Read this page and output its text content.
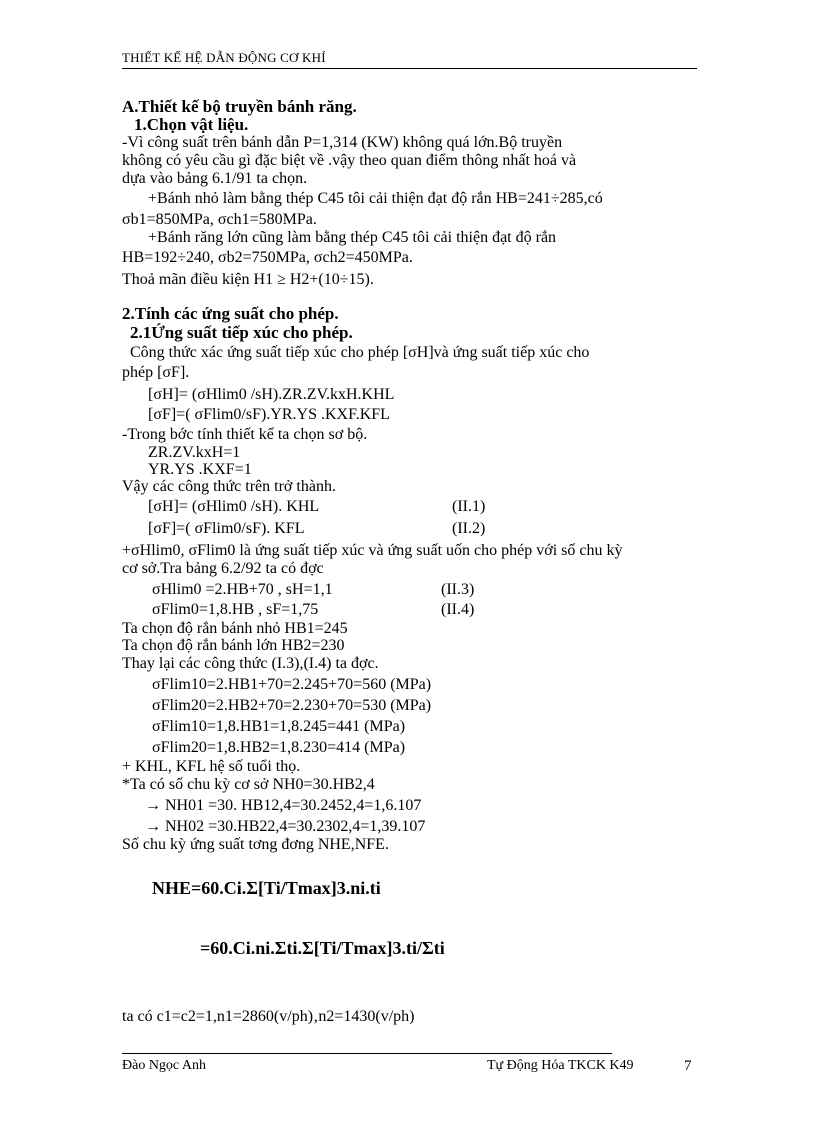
THIẾT KẾ HỆ DẪN ĐỘNG CƠ KHÍ
A.Thiết kế bộ truyền bánh răng.
1.Chọn vật liệu.
-Vì công suất trên bánh dẫn P=1,314 (KW) không quá lớn.Bộ truyền
không có yêu cầu gì đặc biệt về .vậy theo quan điểm thông nhất hoá và
dựa vào bảng 6.1/91 ta chọn.
+Bánh nhỏ làm bằng thép C45 tôi cải thiện đạt độ rắn HB=241÷285,có
σb1=850MPa, σch1=580MPa.
+Bánh răng lớn cũng làm bằng thép C45 tôi cải thiện đạt độ rắn
HB=192÷240, σb2=750MPa, σch2=450MPa.
Thoả mãn điều kiện H1 ≥ H2+(10÷15).
2.Tính các ứng suất cho phép.
2.1Ứng suất tiếp xúc cho phép.
Công thức xác ứng suất tiếp xúc cho phép [σH]và ứng suất tiếp xúc cho
phép [σF].
[σH]= (σHlim0 /sH).ZR.ZV.kxH.KHL
[σF]=( σFlim0/sF).YR.YS .KXF.KFL
-Trong bớc tính thiết kế ta chọn sơ bộ.
ZR.ZV.kxH=1
YR.YS .KXF=1
Vậy các công thức trên trở thành.
[σH]= (σHlim0 /sH). KHL	(II.1)
[σF]=( σFlim0/sF). KFL	(II.2)
+σHlim0, σFlim0 là ứng suất tiếp xúc và ứng suất uốn cho phép với số chu kỳ
cơ sở.Tra bảng 6.2/92 ta có đợc
σHlim0 =2.HB+70 , sH=1,1	(II.3)
σFlim0=1,8.HB , sF=1,75	(II.4)
Ta chọn độ rắn bánh nhỏ HB1=245
Ta chọn độ rắn bánh lớn HB2=230
Thay lại các công thức (I.3),(I.4) ta đợc.
σFlim10=2.HB1+70=2.245+70=560 (MPa)
σFlim20=2.HB2+70=2.230+70=530 (MPa)
σFlim10=1,8.HB1=1,8.245=441 (MPa)
σFlim20=1,8.HB2=1,8.230=414 (MPa)
+ KHL, KFL hệ số tuổi thọ.
*Ta có số chu kỳ cơ sở NH0=30.HB2,4
→ NH01 =30. HB12,4=30.2452,4=1,6.107
→ NH02 =30.HB22,4=30.2302,4=1,39.107
Số chu kỳ ứng suất tơng đơng NHE,NFE.
NHE=60.Ci.Σ[Ti/Tmax]3.ni.ti
=60.Ci.ni.Σti.Σ[Ti/Tmax]3.ti/Σti
ta có c1=c2=1,n1=2860(v/ph)‚n2=1430(v/ph)
Đào Ngọc Anh	Tự Động Hóa TKCK K49	7
